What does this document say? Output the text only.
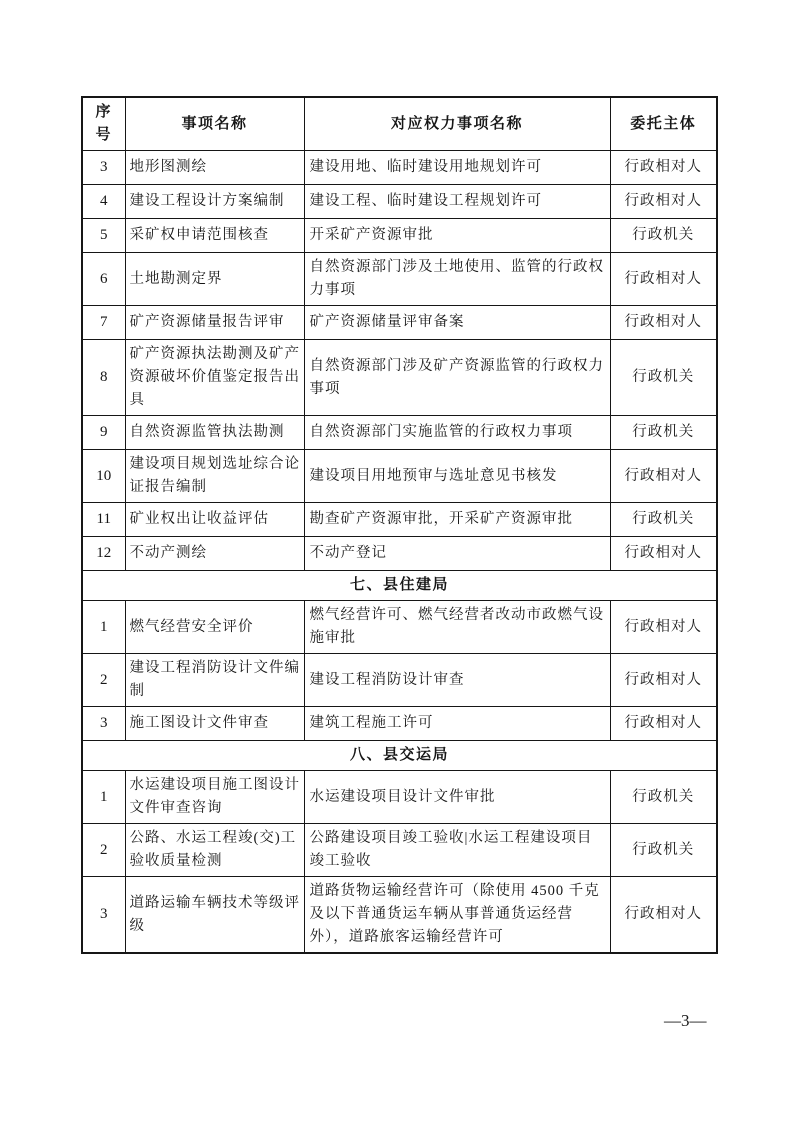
序号	事项名称	对应权力事项名称	委托主体
3	地形图测绘	建设用地、临时建设用地规划许可	行政相对人
4	建设工程设计方案编制	建设工程、临时建设工程规划许可	行政相对人
5	采矿权申请范围核查	开采矿产资源审批	行政机关
6	土地勘测定界	自然资源部门涉及土地使用、监管的行政权力事项	行政相对人
7	矿产资源储量报告评审	矿产资源储量评审备案	行政相对人
8	矿产资源执法勘测及矿产资源破坏价值鉴定报告出具	自然资源部门涉及矿产资源监管的行政权力事项	行政机关
9	自然资源监管执法勘测	自然资源部门实施监管的行政权力事项	行政机关
10	建设项目规划选址综合论证报告编制	建设项目用地预审与选址意见书核发	行政相对人
11	矿业权出让收益评估	勘查矿产资源审批，开采矿产资源审批	行政机关
12	不动产测绘	不动产登记	行政相对人
七、县住建局			
1	燃气经营安全评价	燃气经营许可、燃气经营者改动市政燃气设施审批	行政相对人
2	建设工程消防设计文件编制	建设工程消防设计审查	行政相对人
3	施工图设计文件审查	建筑工程施工许可	行政相对人
八、县交运局			
1	水运建设项目施工图设计文件审查咨询	水运建设项目设计文件审批	行政机关
2	公路、水运工程竣(交)工验收质量检测	公路建设项目竣工验收|水运工程建设项目竣工验收	行政机关
3	道路运输车辆技术等级评级	道路货物运输经营许可（除使用 4500 千克及以下普通货运车辆从事普通货运经营外），道路旅客运输经营许可	行政相对人
—3—
